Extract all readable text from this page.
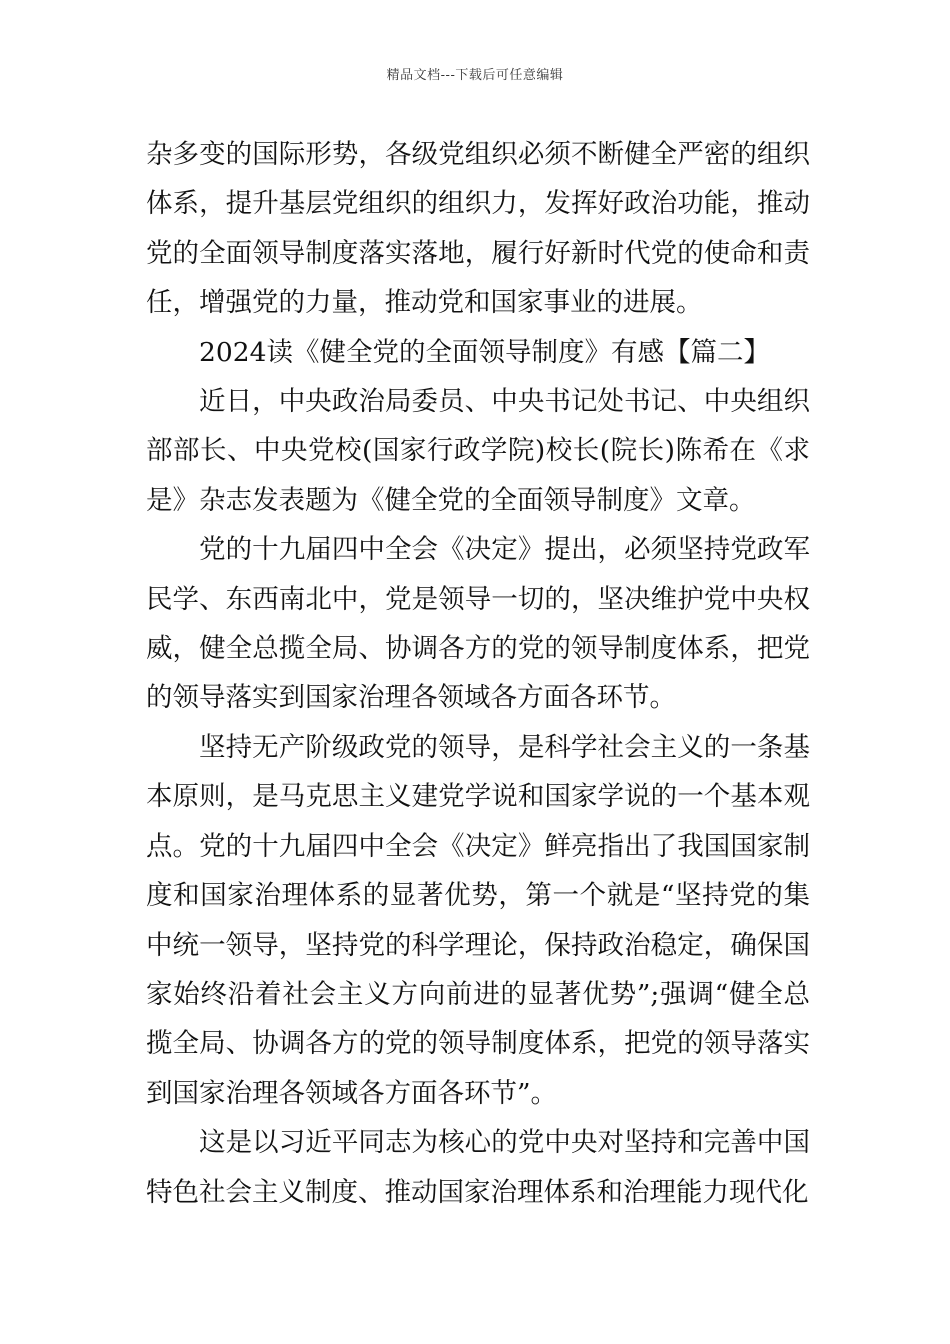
精品文档---下载后可任意编辑

杂多变的国际形势，各级党组织必须不断健全严密的组织体系，提升基层党组织的组织力，发挥好政治功能，推动党的全面领导制度落实落地，履行好新时代党的使命和责任，增强党的力量，推动党和国家事业的进展。

2024读《健全党的全面领导制度》有感【篇二】

近日，中央政治局委员、中央书记处书记、中央组织部部长、中央党校(国家行政学院)校长(院长)陈希在《求是》杂志发表题为《健全党的全面领导制度》文章。

党的十九届四中全会《决定》提出，必须坚持党政军民学、东西南北中，党是领导一切的，坚决维护党中央权威，健全总揽全局、协调各方的党的领导制度体系，把党的领导落实到国家治理各领域各方面各环节。

坚持无产阶级政党的领导，是科学社会主义的一条基本原则，是马克思主义建党学说和国家学说的一个基本观点。党的十九届四中全会《决定》鲜亮指出了我国国家制度和国家治理体系的显著优势，第一个就是“坚持党的集中统一领导，坚持党的科学理论，保持政治稳定，确保国家始终沿着社会主义方向前进的显著优势”;强调“健全总揽全局、协调各方的党的领导制度体系，把党的领导落实到国家治理各领域各方面各环节”。

这是以习近平同志为核心的党中央对坚持和完善中国特色社会主义制度、推动国家治理体系和治理能力现代化
